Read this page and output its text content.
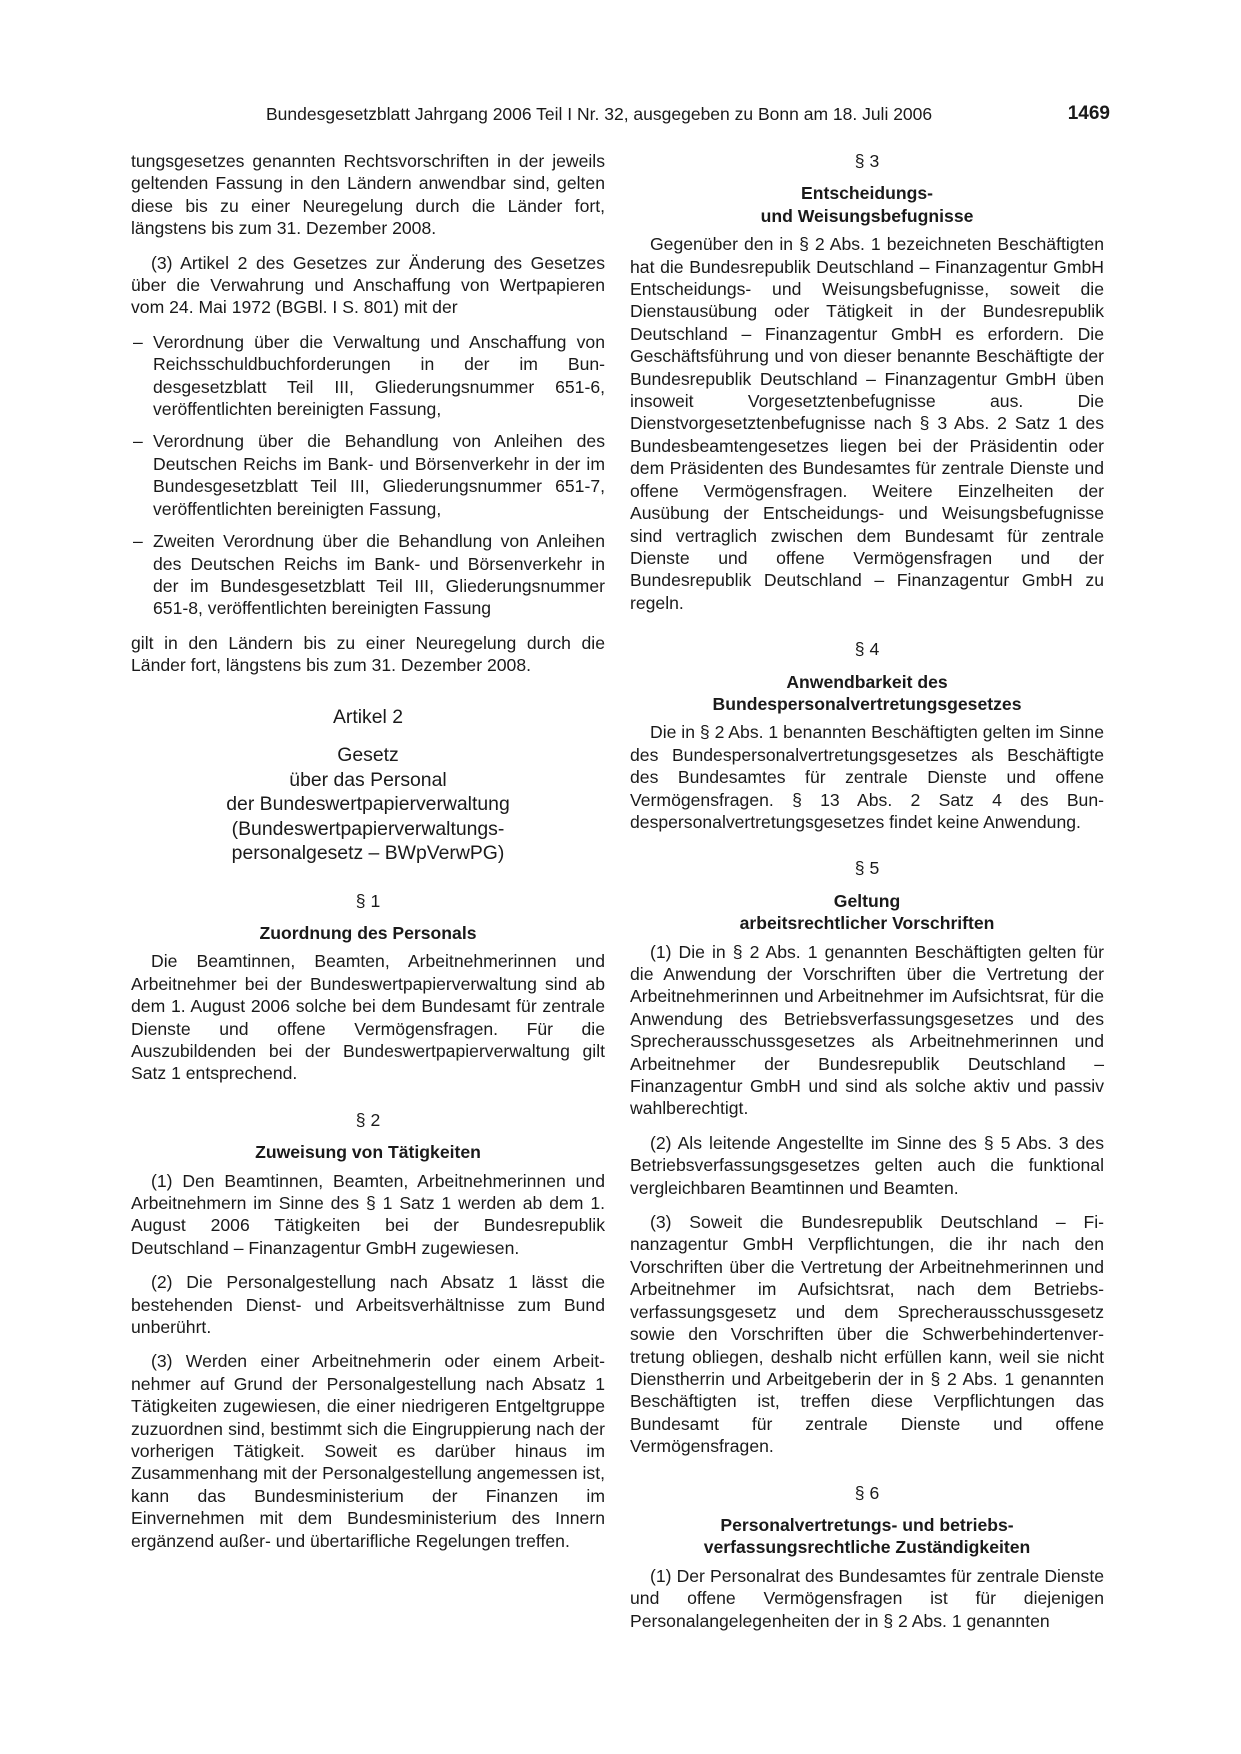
Bundesgesetzblatt Jahrgang 2006 Teil I Nr. 32, ausgegeben zu Bonn am 18. Juli 2006	1469

tungsgesetzes genannten Rechtsvorschriften in der jeweils geltenden Fassung in den Ländern anwendbar sind, gelten diese bis zu einer Neuregelung durch die Länder fort, längstens bis zum 31. Dezember 2008.

(3) Artikel 2 des Gesetzes zur Änderung des Gesetzes über die Verwahrung und Anschaffung von Wertpapieren vom 24. Mai 1972 (BGBl. I S. 801) mit der

– Verordnung über die Verwaltung und Anschaffung von Reichsschuldbuchforderungen in der im Bundesgesetzblatt Teil III, Gliederungsnummer 651-6, veröffentlichten bereinigten Fassung,
– Verordnung über die Behandlung von Anleihen des Deutschen Reichs im Bank- und Börsenverkehr in der im Bundesgesetzblatt Teil III, Gliederungsnummer 651-7, veröffentlichten bereinigten Fassung,
– Zweiten Verordnung über die Behandlung von Anleihen des Deutschen Reichs im Bank- und Börsenverkehr in der im Bundesgesetzblatt Teil III, Gliederungsnummer 651-8, veröffentlichten bereinigten Fassung

gilt in den Ländern bis zu einer Neuregelung durch die Länder fort, längstens bis zum 31. Dezember 2008.

Artikel 2
Gesetz
über das Personal
der Bundeswertpapierverwaltung
(Bundeswertpapierverwaltungs-
personalgesetz – BWpVerwPG)
§ 1
Zuordnung des Personals

Die Beamtinnen, Beamten, Arbeitnehmerinnen und Arbeitnehmer bei der Bundeswertpapierverwaltung sind ab dem 1. August 2006 solche bei dem Bundesamt für zentrale Dienste und offene Vermögensfragen. Für die Auszubildenden bei der Bundeswertpapierverwaltung gilt Satz 1 entsprechend.

§ 2
Zuweisung von Tätigkeiten

(1) Den Beamtinnen, Beamten, Arbeitnehmerinnen und Arbeitnehmern im Sinne des § 1 Satz 1 werden ab dem 1. August 2006 Tätigkeiten bei der Bundesrepublik Deutschland – Finanzagentur GmbH zugewiesen.

(2) Die Personalgestellung nach Absatz 1 lässt die bestehenden Dienst- und Arbeitsverhältnisse zum Bund unberührt.

(3) Werden einer Arbeitnehmerin oder einem Arbeitnehmer auf Grund der Personalgestellung nach Absatz 1 Tätigkeiten zugewiesen, die einer niedrigeren Entgeltgruppe zuzuordnen sind, bestimmt sich die Eingruppierung nach der vorherigen Tätigkeit. Soweit es darüber hinaus im Zusammenhang mit der Personalgestellung angemessen ist, kann das Bundesministerium der Finanzen im Einvernehmen mit dem Bundesministerium des Innern ergänzend außer- und übertarifliche Regelungen treffen.

§ 3
Entscheidungs-
und Weisungsbefugnisse

Gegenüber den in § 2 Abs. 1 bezeichneten Beschäftigten hat die Bundesrepublik Deutschland – Finanzagentur GmbH Entscheidungs- und Weisungsbefugnisse, soweit die Dienstausübung oder Tätigkeit in der Bundesrepublik Deutschland – Finanzagentur GmbH es erfordern. Die Geschäftsführung und von dieser benannte Beschäftigte der Bundesrepublik Deutschland – Finanzagentur GmbH üben insoweit Vorgesetztenbefugnisse aus. Die Dienstvorgesetztenbefugnisse nach § 3 Abs. 2 Satz 1 des Bundesbeamtengesetzes liegen bei der Präsidentin oder dem Präsidenten des Bundesamtes für zentrale Dienste und offene Vermögensfragen. Weitere Einzelheiten der Ausübung der Entscheidungs- und Weisungsbefugnisse sind vertraglich zwischen dem Bundesamt für zentrale Dienste und offene Vermögensfragen und der Bundesrepublik Deutschland – Finanzagentur GmbH zu regeln.

§ 4
Anwendbarkeit des
Bundespersonalvertretungsgesetzes

Die in § 2 Abs. 1 benannten Beschäftigten gelten im Sinne des Bundespersonalvertretungsgesetzes als Beschäftigte des Bundesamtes für zentrale Dienste und offene Vermögensfragen. § 13 Abs. 2 Satz 4 des Bundespersonalvertretungsgesetzes findet keine Anwendung.

§ 5
Geltung
arbeitsrechtlicher Vorschriften

(1) Die in § 2 Abs. 1 genannten Beschäftigten gelten für die Anwendung der Vorschriften über die Vertretung der Arbeitnehmerinnen und Arbeitnehmer im Aufsichtsrat, für die Anwendung des Betriebsverfassungsgesetzes und des Sprecherausschussgesetzes als Arbeitnehmerinnen und Arbeitnehmer der Bundesrepublik Deutschland – Finanzagentur GmbH und sind als solche aktiv und passiv wahlberechtigt.

(2) Als leitende Angestellte im Sinne des § 5 Abs. 3 des Betriebsverfassungsgesetzes gelten auch die funktional vergleichbaren Beamtinnen und Beamten.

(3) Soweit die Bundesrepublik Deutschland – Finanzagentur GmbH Verpflichtungen, die ihr nach den Vorschriften über die Vertretung der Arbeitnehmerinnen und Arbeitnehmer im Aufsichtsrat, nach dem Betriebsverfassungsgesetz und dem Sprecherausschussgesetz sowie den Vorschriften über die Schwerbehindertenvertretung obliegen, deshalb nicht erfüllen kann, weil sie nicht Dienstherrin und Arbeitgeberin der in § 2 Abs. 1 genannten Beschäftigten ist, treffen diese Verpflichtungen das Bundesamt für zentrale Dienste und offene Vermögensfragen.

§ 6
Personalvertretungs- und betriebs-
verfassungsrechtliche Zuständigkeiten

(1) Der Personalrat des Bundesamtes für zentrale Dienste und offene Vermögensfragen ist für diejenigen Personalangelegenheiten der in § 2 Abs. 1 genannten
